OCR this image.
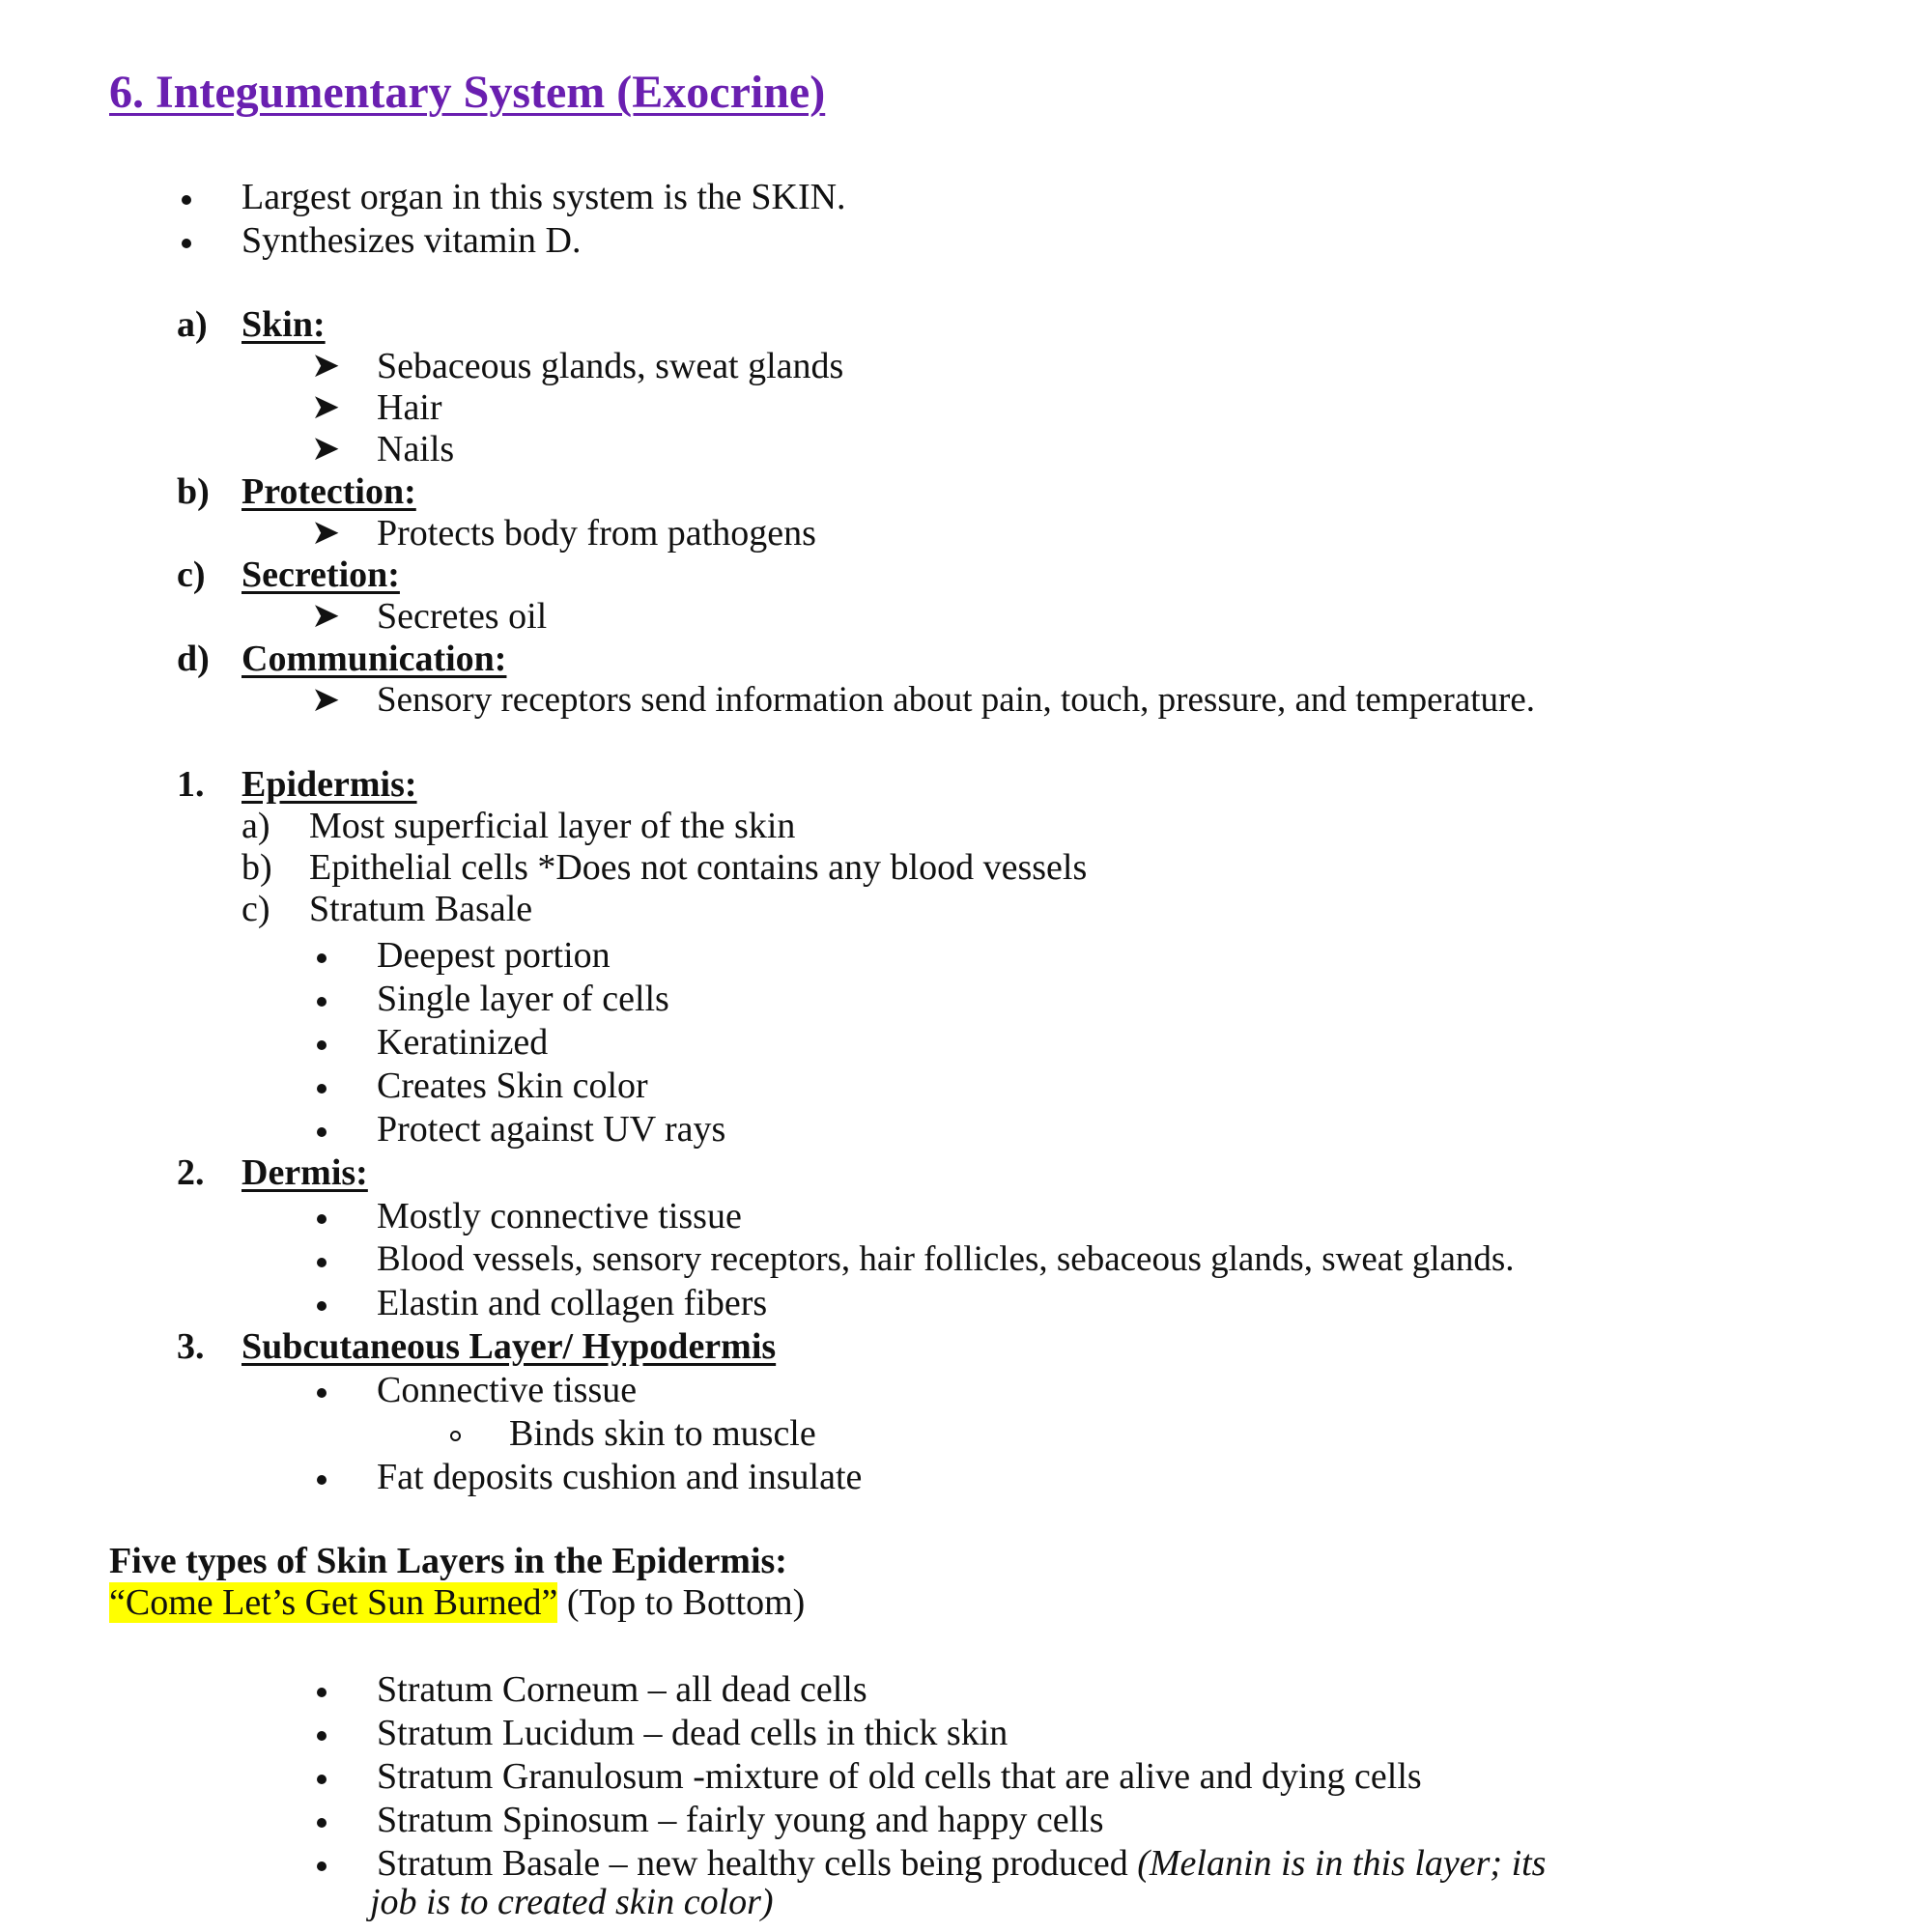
6. Integumentary System (Exocrine)
Largest organ in this system is the SKIN.
Synthesizes vitamin D.
a) Skin:
➤ Sebaceous glands, sweat glands
➤ Hair
➤ Nails
b) Protection:
➤ Protects body from pathogens
c) Secretion:
➤ Secretes oil
d) Communication:
➤ Sensory receptors send information about pain, touch, pressure, and temperature.
1. Epidermis:
a) Most superficial layer of the skin
b) Epithelial cells *Does not contains any blood vessels
c) Stratum Basale
Deepest portion
Single layer of cells
Keratinized
Creates Skin color
Protect against UV rays
2. Dermis:
Mostly connective tissue
Blood vessels, sensory receptors, hair follicles, sebaceous glands, sweat glands.
Elastin and collagen fibers
3. Subcutaneous Layer/ Hypodermis
Connective tissue
Binds skin to muscle
Fat deposits cushion and insulate
Five types of Skin Layers in the Epidermis:
“Come Let’s Get Sun Burned” (Top to Bottom)
Stratum Corneum – all dead cells
Stratum Lucidum – dead cells in thick skin
Stratum Granulosum -mixture of old cells that are alive and dying cells
Stratum Spinosum – fairly young and happy cells
Stratum Basale – new healthy cells being produced (Melanin is in this layer; its
job is to created skin color)
